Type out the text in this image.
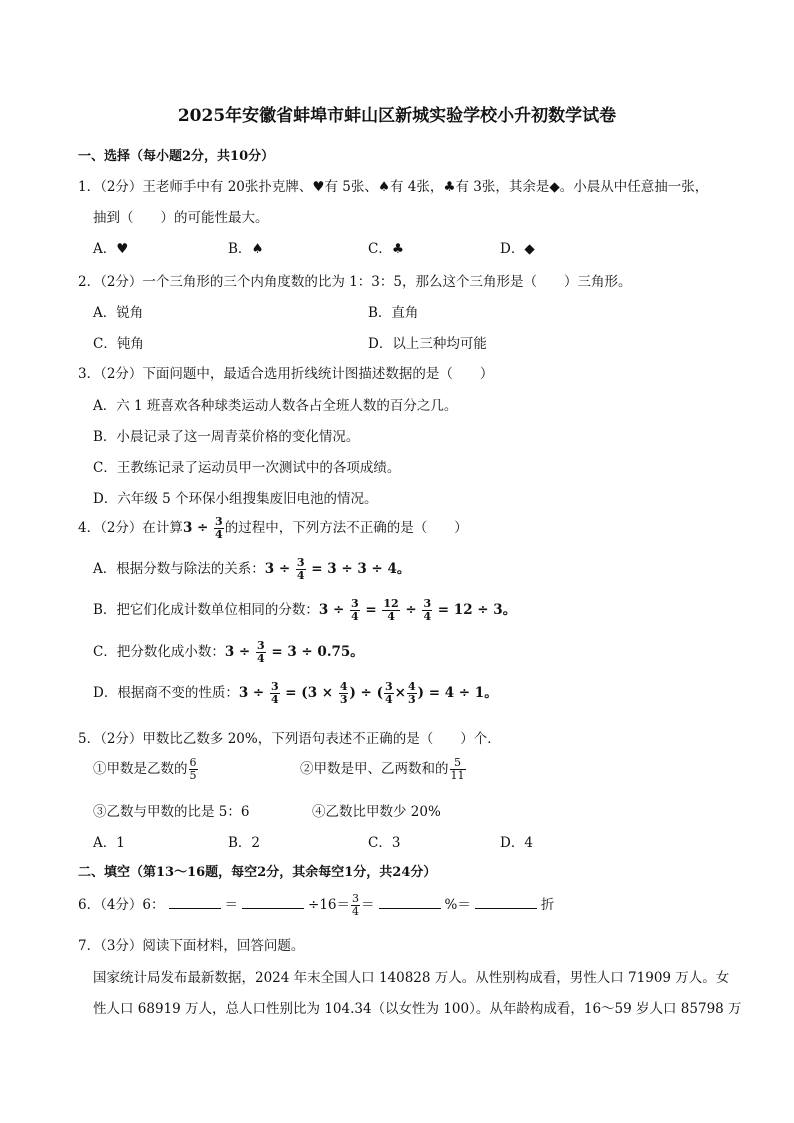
2025年安徽省蚌埠市蚌山区新城实验学校小升初数学试卷
一、选择（每小题2分，共10分）
1．（2分）王老师手中有 20张扑克牌、♥有 5张、♠有 4张，♣有 3张，其余是◆。小晨从中任意抽一张，
抽到（　　）的可能性最大。
A．♥	B．♠	C．♣	D．◆
2．（2分）一个三角形的三个内角度数的比为 1：3：5，那么这个三角形是（　　）三角形。
A．锐角	B．直角
C．钝角	D．以上三种均可能
3．（2分）下面问题中，最适合选用折线统计图描述数据的是（　　）
A．六 1 班喜欢各种球类运动人数各占全班人数的百分之几。
B．小晨记录了这一周青菜价格的变化情况。
C．王教练记录了运动员甲一次测试中的各项成绩。
D．六年级 5 个环保小组搜集废旧电池的情况。
4．（2分）在计算$3 \div \frac{3}{4}$ 的过程中，下列方法不正确的是（　　）
A．根据分数与除法的关系：$3 \div \frac{3}{4} = 3 \div 3 \div 4$。
B．把它们化成计数单位相同的分数：$3 \div \frac{3}{4} = \frac{12}{4} \div \frac{3}{4} = 12 \div 3$。
C．把分数化成小数：$3 \div \frac{3}{4} = 3 \div 0.75$。
D．根据商不变的性质：$3 \div \frac{3}{4} = (3 \times \frac{4}{3}$ ) ÷ ( $\frac{3}{4} \times \frac{4}{3}$ ) = 4 ÷ 1。
5．（2分）甲数比乙数多 20%，下列语句表述不正确的是（　　）个．
①甲数是乙数的 $\frac{6}{5}$	②甲数是甲、乙两数和的 $\frac{5}{11}$
③乙数与甲数的比是 5：6	④乙数比甲数少 20%
A．1	B．2	C．3	D．4
二、填空（第13～16题，每空2分，其余每空1分，共24分）
6．（4分）6：	＝	$\div 16= \frac{3}{4}$ ＝	%＝	折
7．（3分）阅读下面材料，回答问题。
国家统计局发布最新数据，2024 年末全国人口 140828 万人。从性别构成看，男性人口 71909 万人。女
性人口 68919 万人，总人口性别比为 104.34（以女性为 100）。从年龄构成看，16～59 岁人口 85798 万
